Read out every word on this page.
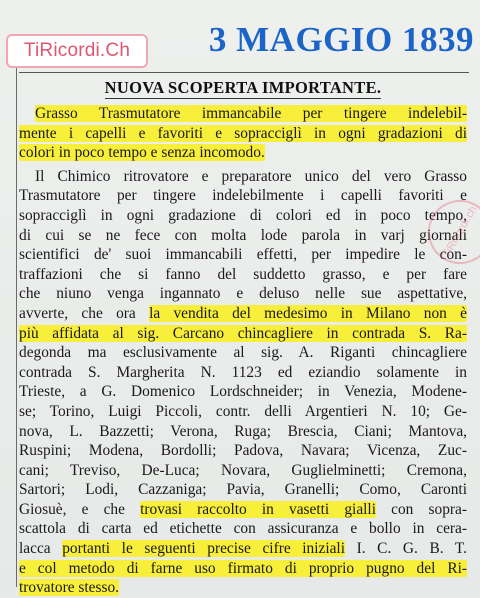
TiRicordi.Ch	3 MAGGIO 1839
NUOVA SCOPERTA IMPORTANTE.
Grasso Trasmutatore immancabile per tingere indelebil-
mente i capelli e favoriti e sopracciglì in ogni gradazioni di
colori in poco tempo e senza incomodo.
Il Chimico ritrovatore e preparatore unico del vero Grasso
Trasmutatore per tingere indelebilmente i capelli favoriti e
sopracciglì in ogni gradazione di colori ed in poco tempo,
di cui se ne fece con molta lode parola in varj giornali
scientifici de' suoi immancabili effetti, per impedire le con-
traffazioni che si fanno del suddetto grasso, e per fare
che niuno venga ingannato e deluso nelle sue aspettative,
avverte, che ora la vendita del medesimo in Milano non è
più affidata al sig. Carcano chincagliere in contrada S. Ra-
degonda ma esclusivamente al sig. A. Riganti chincagliere
contrada S. Margherita N. 1123 ed eziandio solamente in
Trieste, a G. Domenico Lordschneider; in Venezia, Modene-
se; Torino, Luigi Piccoli, contr. delli Argentieri N. 10; Ge-
nova, L. Bazzetti; Verona, Ruga; Brescia, Ciani; Mantova,
Ruspini; Modena, Bordolli; Padova, Navara; Vicenza, Zuc-
cani; Treviso, De-Luca; Novara, Guglielminetti; Cremona,
Sartori; Lodi, Cazzaniga; Pavia, Granelli; Como, Caronti
Giosuè, e che trovasi raccolto in vasetti gialli con sopra-
scattola di carta ed etichette con assicuranza e bollo in cera-
lacca portanti le seguenti precise cifre iniziali I. C. G. B. T.
e col metodo di farne uso firmato di proprio pugno del Ri-
trovatore stesso.
TiRicordi.ch
